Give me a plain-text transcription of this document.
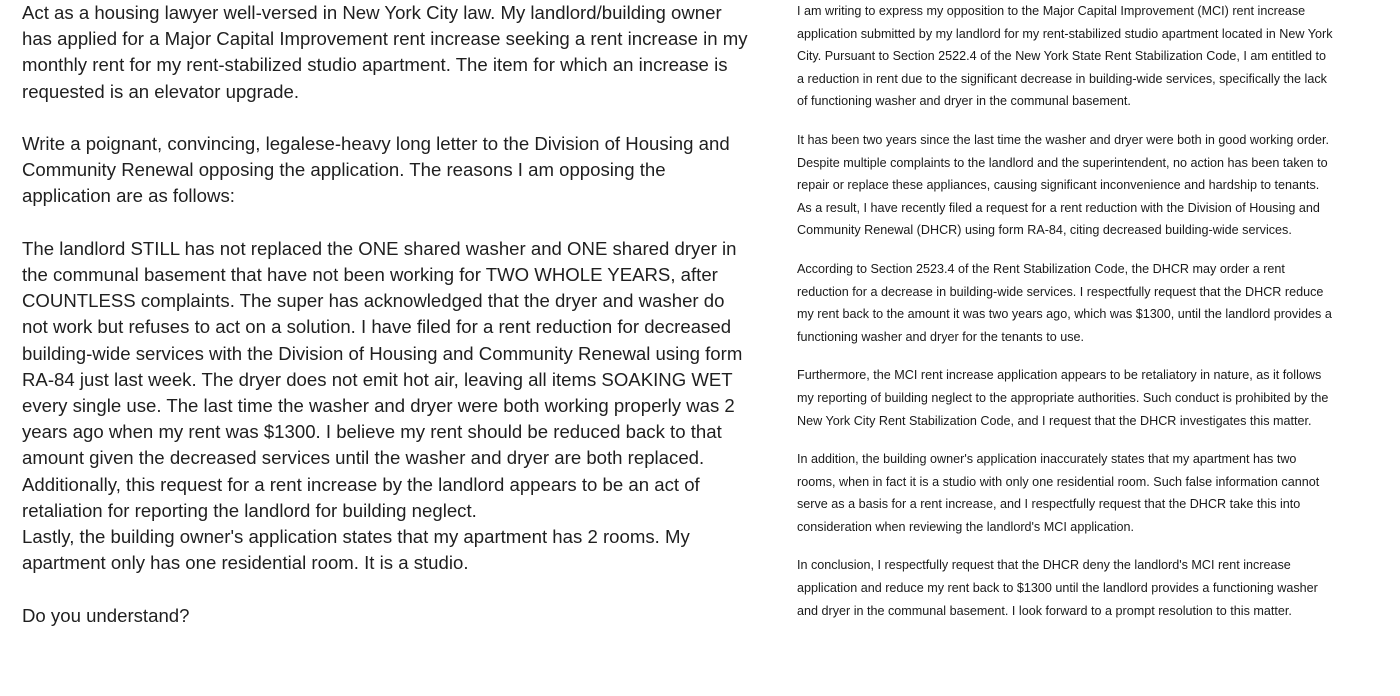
Act as a housing lawyer well-versed in New York City law. My landlord/building owner has applied for a Major Capital Improvement rent increase seeking a rent increase in my monthly rent for my rent-stabilized studio apartment. The item for which an increase is requested is an elevator upgrade.

Write a poignant, convincing, legalese-heavy long letter to the Division of Housing and Community Renewal opposing the application. The reasons I am opposing the application are as follows:

The landlord STILL has not replaced the ONE shared washer and ONE shared dryer in the communal basement that have not been working for TWO WHOLE YEARS, after COUNTLESS complaints. The super has acknowledged that the dryer and washer do not work but refuses to act on a solution. I have filed for a rent reduction for decreased building-wide services with the Division of Housing and Community Renewal using form RA-84 just last week. The dryer does not emit hot air, leaving all items SOAKING WET every single use. The last time the washer and dryer were both working properly was 2 years ago when my rent was $1300. I believe my rent should be reduced back to that amount given the decreased services until the washer and dryer are both replaced.

Additionally, this request for a rent increase by the landlord appears to be an act of retaliation for reporting the landlord for building neglect.

Lastly, the building owner's application states that my apartment has 2 rooms. My apartment only has one residential room. It is a studio.

Do you understand?

I am writing to express my opposition to the Major Capital Improvement (MCI) rent increase application submitted by my landlord for my rent-stabilized studio apartment located in New York City. Pursuant to Section 2522.4 of the New York State Rent Stabilization Code, I am entitled to a reduction in rent due to the significant decrease in building-wide services, specifically the lack of functioning washer and dryer in the communal basement.

It has been two years since the last time the washer and dryer were both in good working order. Despite multiple complaints to the landlord and the superintendent, no action has been taken to repair or replace these appliances, causing significant inconvenience and hardship to tenants. As a result, I have recently filed a request for a rent reduction with the Division of Housing and Community Renewal (DHCR) using form RA-84, citing decreased building-wide services.

According to Section 2523.4 of the Rent Stabilization Code, the DHCR may order a rent reduction for a decrease in building-wide services. I respectfully request that the DHCR reduce my rent back to the amount it was two years ago, which was $1300, until the landlord provides a functioning washer and dryer for the tenants to use.

Furthermore, the MCI rent increase application appears to be retaliatory in nature, as it follows my reporting of building neglect to the appropriate authorities. Such conduct is prohibited by the New York City Rent Stabilization Code, and I request that the DHCR investigates this matter.

In addition, the building owner's application inaccurately states that my apartment has two rooms, when in fact it is a studio with only one residential room. Such false information cannot serve as a basis for a rent increase, and I respectfully request that the DHCR take this into consideration when reviewing the landlord's MCI application.

In conclusion, I respectfully request that the DHCR deny the landlord's MCI rent increase application and reduce my rent back to $1300 until the landlord provides a functioning washer and dryer in the communal basement. I look forward to a prompt resolution to this matter.
